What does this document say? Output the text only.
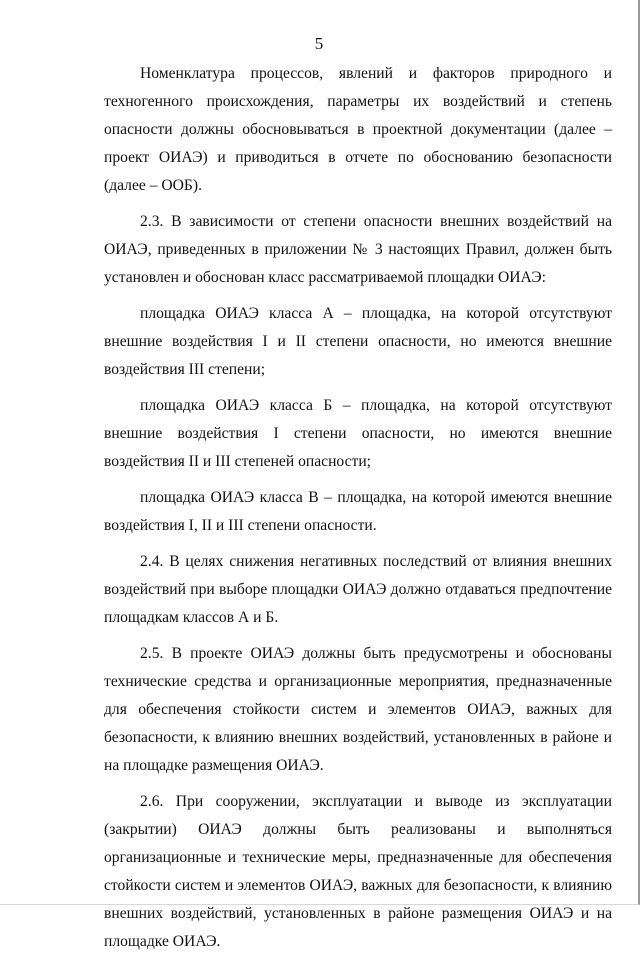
5

Номенклатура процессов, явлений и факторов природного и техногенного происхождения, параметры их воздействий и степень опасности должны обосновываться в проектной документации (далее – проект ОИАЭ) и приводиться в отчете по обоснованию безопасности (далее – ООБ).

2.3. В зависимости от степени опасности внешних воздействий на ОИАЭ, приведенных в приложении № 3 настоящих Правил, должен быть установлен и обоснован класс рассматриваемой площадки ОИАЭ:

площадка ОИАЭ класса А – площадка, на которой отсутствуют внешние воздействия I и II степени опасности, но имеются внешние воздействия III степени;

площадка ОИАЭ класса Б – площадка, на которой отсутствуют внешние воздействия I степени опасности, но имеются внешние воздействия II и III степеней опасности;

площадка ОИАЭ класса В – площадка, на которой имеются внешние воздействия I, II и III степени опасности.

2.4. В целях снижения негативных последствий от влияния внешних воздействий при выборе площадки ОИАЭ должно отдаваться предпочтение площадкам классов А и Б.

2.5. В проекте ОИАЭ должны быть предусмотрены и обоснованы технические средства и организационные мероприятия, предназначенные для обеспечения стойкости систем и элементов ОИАЭ, важных для безопасности, к влиянию внешних воздействий, установленных в районе и на площадке размещения ОИАЭ.

2.6. При сооружении, эксплуатации и выводе из эксплуатации (закрытии) ОИАЭ должны быть реализованы и выполняться организационные и технические меры, предназначенные для обеспечения стойкости систем и элементов ОИАЭ, важных для безопасности, к влиянию внешних воздействий, установленных в районе размещения ОИАЭ и на площадке ОИАЭ.
